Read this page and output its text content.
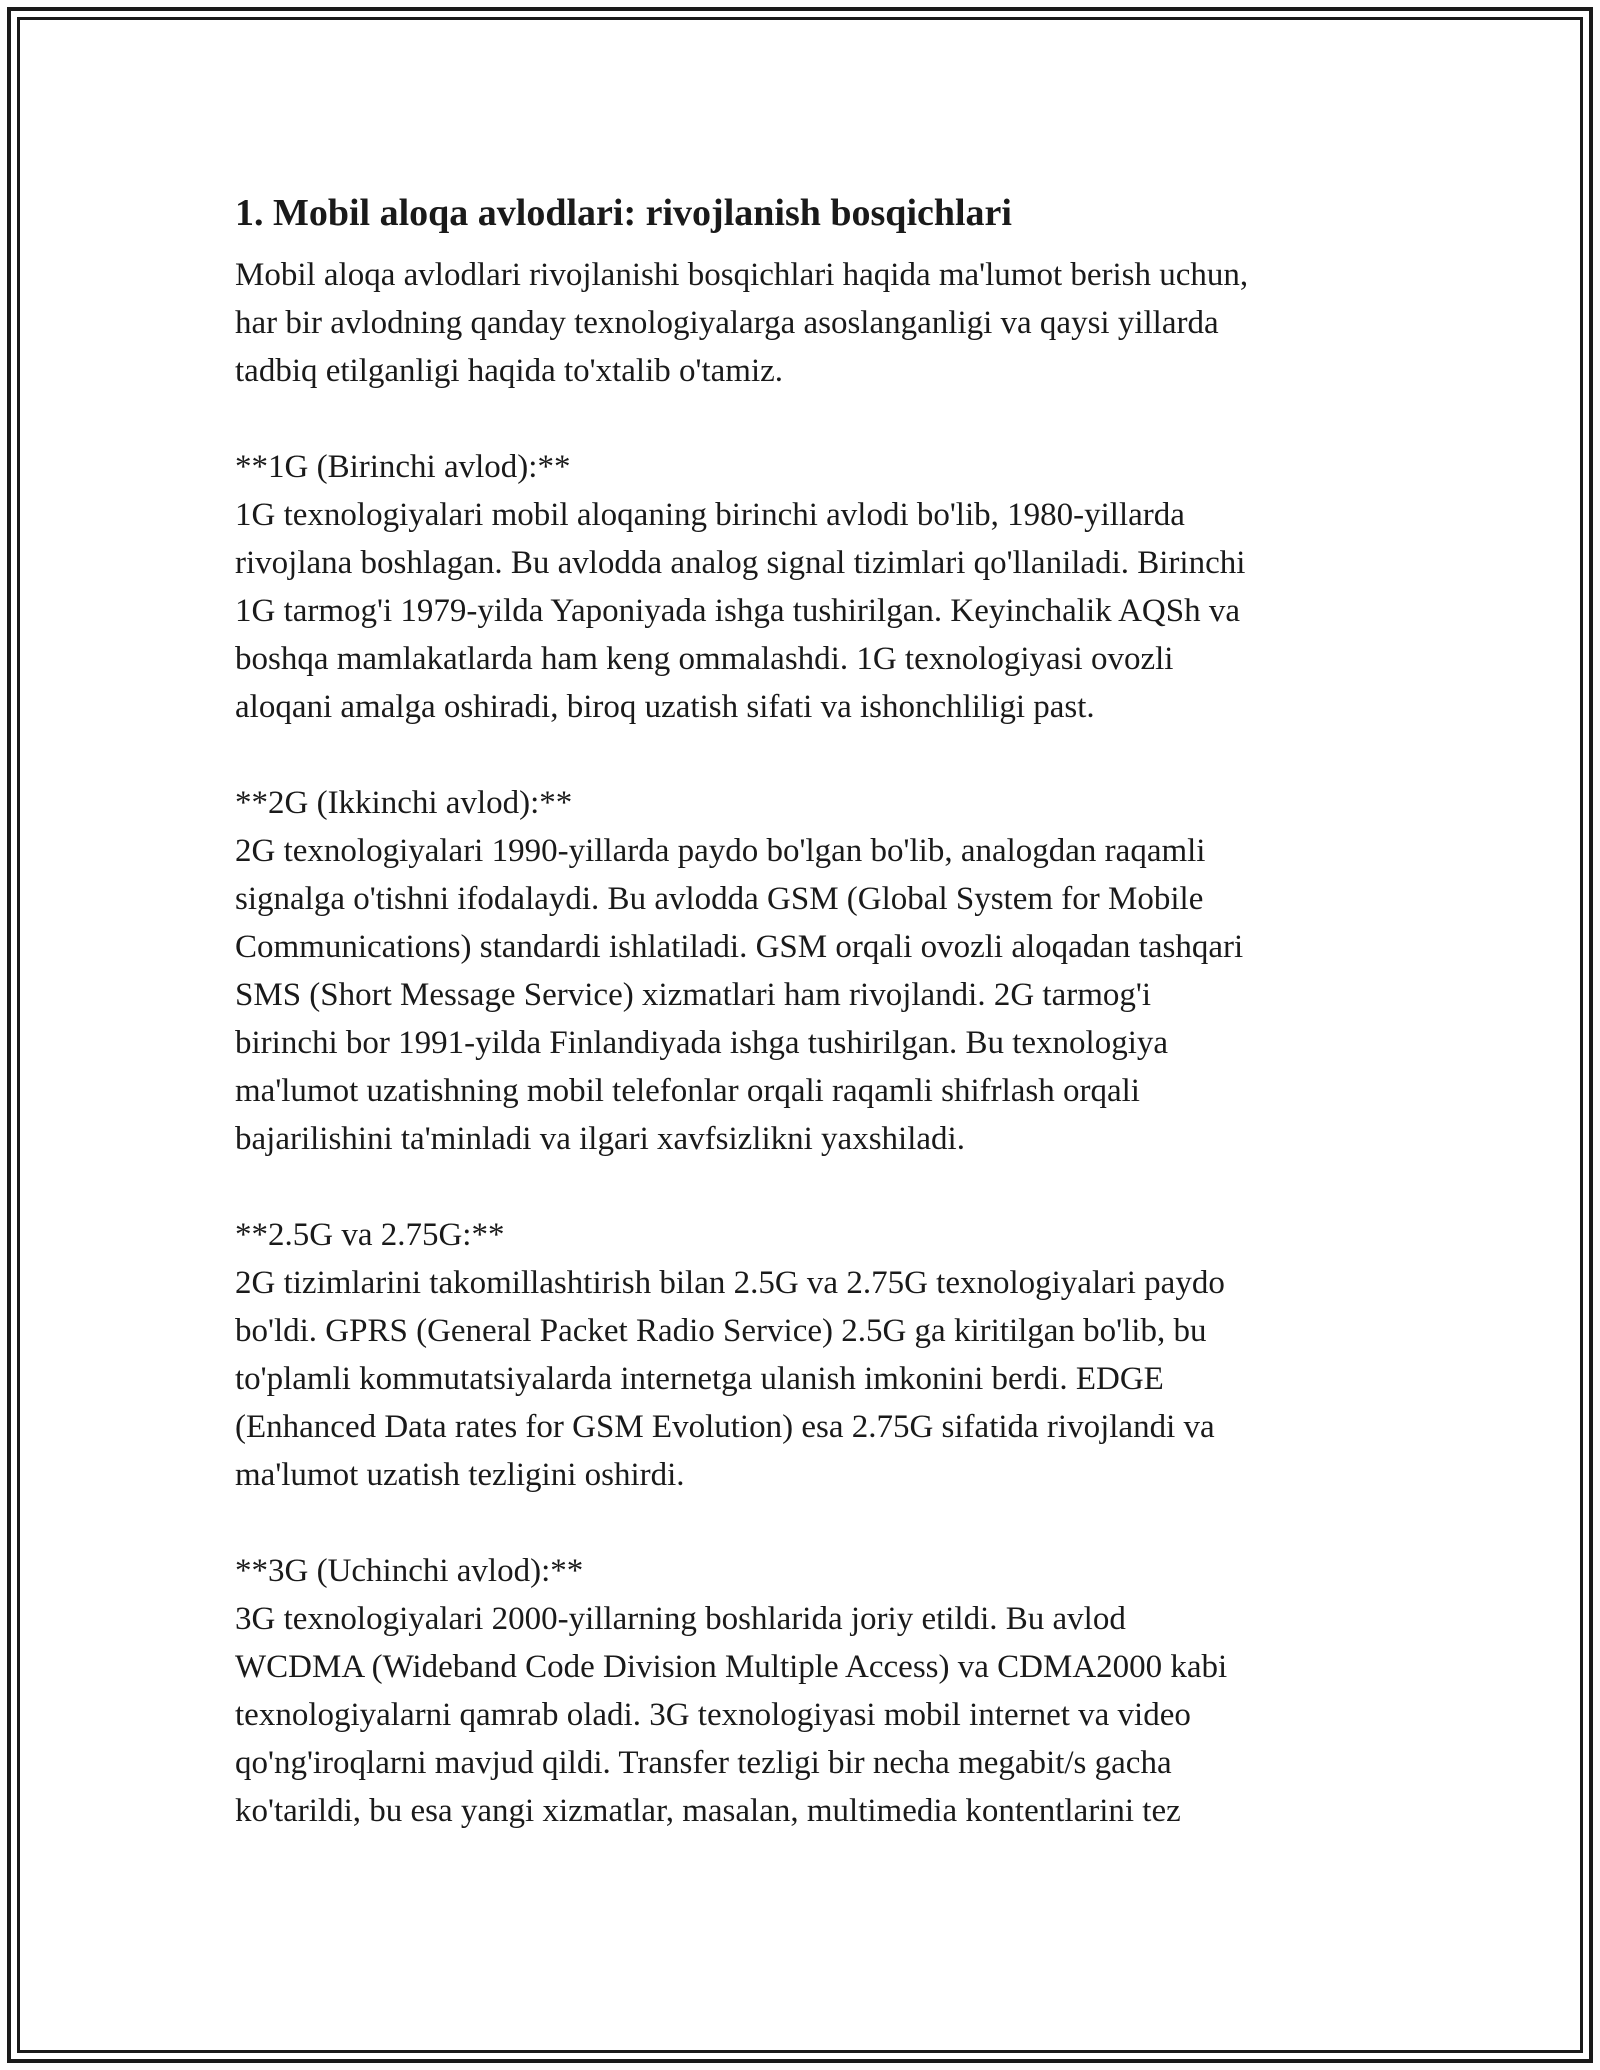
1. Mobil aloqa avlodlari: rivojlanish bosqichlari
Mobil aloqa avlodlari rivojlanishi bosqichlari haqida ma'lumot berish uchun,
har bir avlodning qanday texnologiyalarga asoslanganligi va qaysi yillarda
tadbiq etilganligi haqida to'xtalib o'tamiz.

**1G (Birinchi avlod):**
1G texnologiyalari mobil aloqaning birinchi avlodi bo'lib, 1980-yillarda
rivojlana boshlagan. Bu avlodda analog signal tizimlari qo'llaniladi. Birinchi
1G tarmog'i 1979-yilda Yaponiyada ishga tushirilgan. Keyinchalik AQSh va
boshqa mamlakatlarda ham keng ommalashdi. 1G texnologiyasi ovozli
aloqani amalga oshiradi, biroq uzatish sifati va ishonchliligi past.

**2G (Ikkinchi avlod):**
2G texnologiyalari 1990-yillarda paydo bo'lgan bo'lib, analogdan raqamli
signalga o'tishni ifodalaydi. Bu avlodda GSM (Global System for Mobile
Communications) standardi ishlatiladi. GSM orqali ovozli aloqadan tashqari
SMS (Short Message Service) xizmatlari ham rivojlandi. 2G tarmog'i
birinchi bor 1991-yilda Finlandiyada ishga tushirilgan. Bu texnologiya
ma'lumot uzatishning mobil telefonlar orqali raqamli shifrlash orqali
bajarilishini ta'minladi va ilgari xavfsizlikni yaxshiladi.

**2.5G va 2.75G:**
2G tizimlarini takomillashtirish bilan 2.5G va 2.75G texnologiyalari paydo
bo'ldi. GPRS (General Packet Radio Service) 2.5G ga kiritilgan bo'lib, bu
to'plamli kommutatsiyalarda internetga ulanish imkonini berdi. EDGE
(Enhanced Data rates for GSM Evolution) esa 2.75G sifatida rivojlandi va
ma'lumot uzatish tezligini oshirdi.

**3G (Uchinchi avlod):**
3G texnologiyalari 2000-yillarning boshlarida joriy etildi. Bu avlod
WCDMA (Wideband Code Division Multiple Access) va CDMA2000 kabi
texnologiyalarni qamrab oladi. 3G texnologiyasi mobil internet va video
qo'ng'iroqlarni mavjud qildi. Transfer tezligi bir necha megabit/s gacha
ko'tarildi, bu esa yangi xizmatlar, masalan, multimedia kontentlarini tez
